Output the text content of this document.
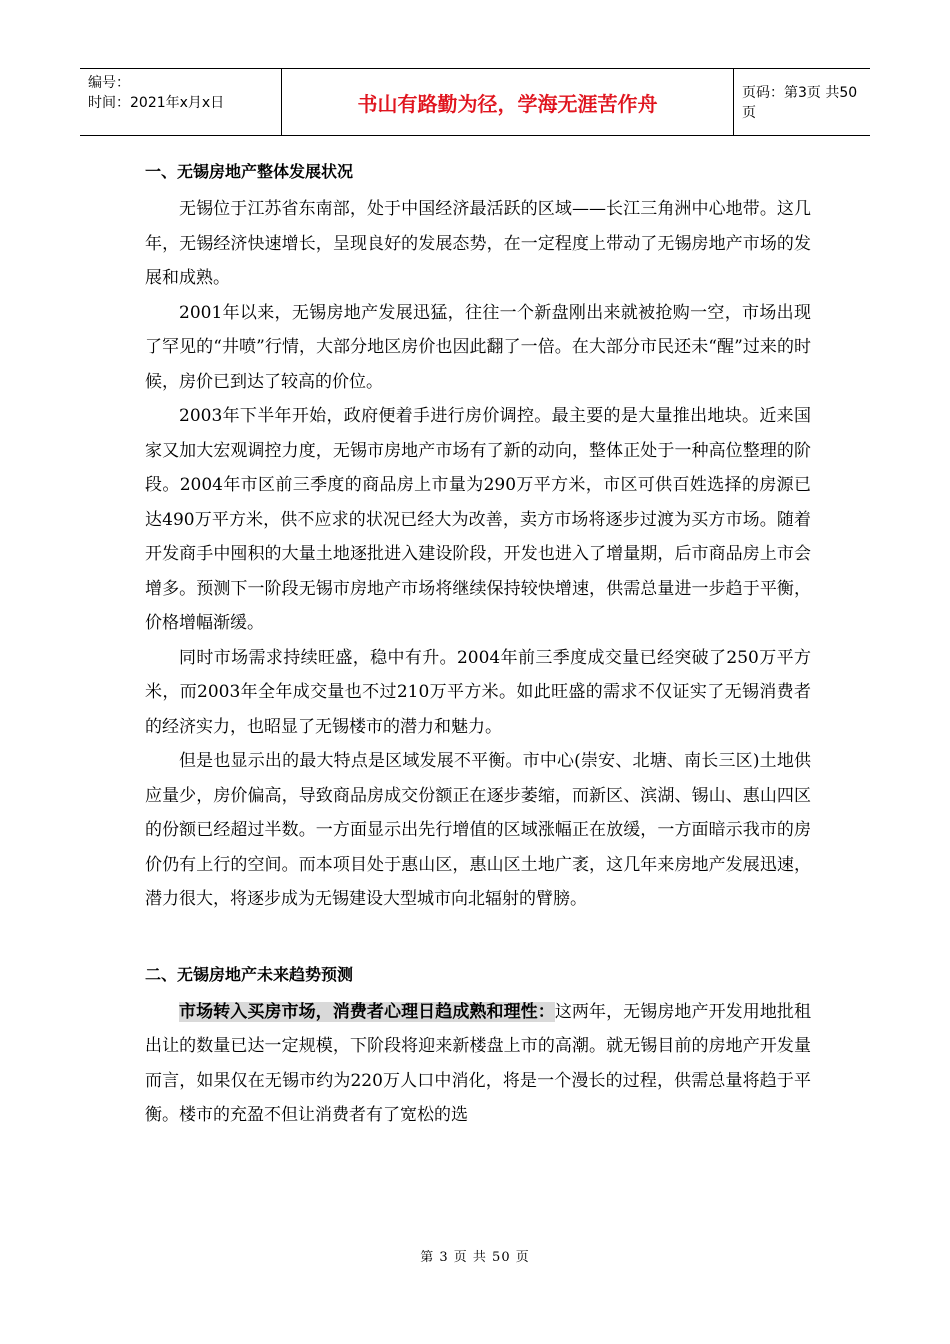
编号：
时间：2021年x月x日	书山有路勤为径，学海无涯苦作舟	页码：第3页 共50页
一、无锡房地产整体发展状况

无锡位于江苏省东南部，处于中国经济最活跃的区域——长江三角洲中心地带。这几年，无锡经济快速增长，呈现良好的发展态势，在一定程度上带动了无锡房地产市场的发展和成熟。

2001年以来，无锡房地产发展迅猛，往往一个新盘刚出来就被抢购一空，市场出现了罕见的“井喷”行情，大部分地区房价也因此翻了一倍。在大部分市民还未“醒”过来的时候，房价已到达了较高的价位。

2003年下半年开始，政府便着手进行房价调控。最主要的是大量推出地块。近来国家又加大宏观调控力度，无锡市房地产市场有了新的动向，整体正处于一种高位整理的阶段。2004年市区前三季度的商品房上市量为290万平方米，市区可供百姓选择的房源已达490万平方米，供不应求的状况已经大为改善，卖方市场将逐步过渡为买方市场。随着开发商手中囤积的大量土地逐批进入建设阶段，开发也进入了增量期，后市商品房上市会增多。预测下一阶段无锡市房地产市场将继续保持较快增速，供需总量进一步趋于平衡，价格增幅渐缓。

同时市场需求持续旺盛，稳中有升。2004年前三季度成交量已经突破了250万平方米，而2003年全年成交量也不过210万平方米。如此旺盛的需求不仅证实了无锡消费者的经济实力，也昭显了无锡楼市的潜力和魅力。

但是也显示出的最大特点是区域发展不平衡。市中心(崇安、北塘、南长三区)土地供应量少，房价偏高，导致商品房成交份额正在逐步萎缩，而新区、滨湖、锡山、惠山四区的份额已经超过半数。一方面显示出先行增值的区域涨幅正在放缓，一方面暗示我市的房价仍有上行的空间。而本项目处于惠山区，惠山区土地广袤，这几年来房地产发展迅速，潜力很大，将逐步成为无锡建设大型城市向北辐射的臂膀。

二、无锡房地产未来趋势预测

市场转入买房市场，消费者心理日趋成熟和理性：这两年，无锡房地产开发用地批租出让的数量已达一定规模，下阶段将迎来新楼盘上市的高潮。就无锡目前的房地产开发量而言，如果仅在无锡市约为220万人口中消化，将是一个漫长的过程，供需总量将趋于平衡。楼市的充盈不但让消费者有了宽松的选

第 3 页 共 50 页
